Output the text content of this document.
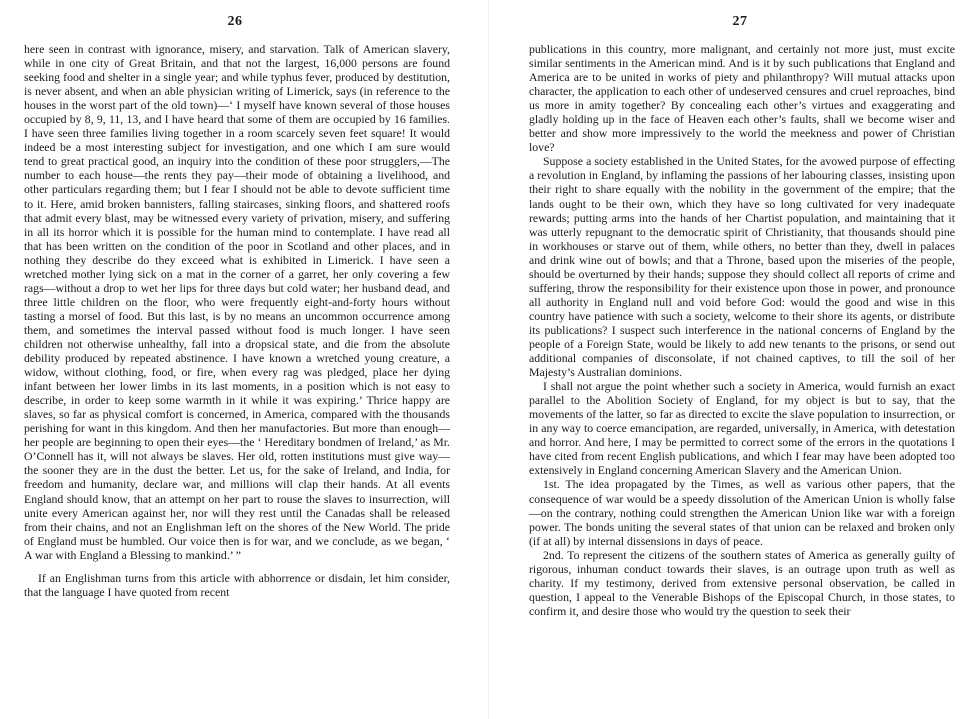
26

here seen in contrast with ignorance, misery, and starvation. Talk of American slavery, while in one city of Great Britain, and that not the largest, 16,000 persons are found seeking food and shelter in a single year; and while typhus fever, produced by destitution, is never absent, and when an able physician writing of Limerick, says (in reference to the houses in the worst part of the old town)—‘ I myself have known several of those houses occupied by 8, 9, 11, 13, and I have heard that some of them are occupied by 16 families. I have seen three families living together in a room scarcely seven feet square! It would indeed be a most interesting subject for investigation, and one which I am sure would tend to great practical good, an inquiry into the condition of these poor strugglers,—The number to each house—the rents they pay—their mode of obtaining a livelihood, and other particulars regarding them; but I fear I should not be able to devote sufficient time to it. Here, amid broken bannisters, falling staircases, sinking floors, and shattered roofs that admit every blast, may be witnessed every variety of privation, misery, and suffering in all its horror which it is possible for the human mind to contemplate. I have read all that has been written on the condition of the poor in Scotland and other places, and in nothing they describe do they exceed what is exhibited in Limerick. I have seen a wretched mother lying sick on a mat in the corner of a garret, her only covering a few rags—without a drop to wet her lips for three days but cold water; her husband dead, and three little children on the floor, who were frequently eight-and-forty hours without tasting a morsel of food. But this last, is by no means an uncommon occurrence among them, and sometimes the interval passed without food is much longer. I have seen children not otherwise unhealthy, fall into a dropsical state, and die from the absolute debility produced by repeated abstinence. I have known a wretched young creature, a widow, without clothing, food, or fire, when every rag was pledged, place her dying infant between her lower limbs in its last moments, in a position which is not easy to describe, in order to keep some warmth in it while it was expiring.’ Thrice happy are slaves, so far as physical comfort is concerned, in America, compared with the thousands perishing for want in this kingdom. And then her manufactories. But more than enough—her people are beginning to open their eyes—the ‘ Hereditary bondmen of Ireland,’ as Mr. O’Connell has it, will not always be slaves. Her old, rotten institutions must give way—the sooner they are in the dust the better. Let us, for the sake of Ireland, and India, for freedom and humanity, declare war, and millions will clap their hands. At all events England should know, that an attempt on her part to rouse the slaves to insurrection, will unite every American against her, nor will they rest until the Canadas shall be released from their chains, and not an Englishman left on the shores of the New World. The pride of England must be humbled. Our voice then is for war, and we conclude, as we began, ‘ A war with England a Blessing to mankind.’ ”

If an Englishman turns from this article with abhorrence or disdain, let him consider, that the language I have quoted from recent

27

publications in this country, more malignant, and certainly not more just, must excite similar sentiments in the American mind. And is it by such publications that England and America are to be united in works of piety and philanthropy? Will mutual attacks upon character, the application to each other of undeserved censures and cruel reproaches, bind us more in amity together? By concealing each other’s virtues and exaggerating and gladly holding up in the face of Heaven each other’s faults, shall we become wiser and better and show more impressively to the world the meekness and power of Christian love?

Suppose a society established in the United States, for the avowed purpose of effecting a revolution in England, by inflaming the passions of her labouring classes, insisting upon their right to share equally with the nobility in the government of the empire; that the lands ought to be their own, which they have so long cultivated for very inadequate rewards; putting arms into the hands of her Chartist population, and maintaining that it was utterly repugnant to the democratic spirit of Christianity, that thousands should pine in workhouses or starve out of them, while others, no better than they, dwell in palaces and drink wine out of bowls; and that a Throne, based upon the miseries of the people, should be overturned by their hands; suppose they should collect all reports of crime and suffering, throw the responsibility for their existence upon those in power, and pronounce all authority in England null and void before God: would the good and wise in this country have patience with such a society, welcome to their shore its agents, or distribute its publications? I suspect such interference in the national concerns of England by the people of a Foreign State, would be likely to add new tenants to the prisons, or send out additional companies of disconsolate, if not chained captives, to till the soil of her Majesty’s Australian dominions.

I shall not argue the point whether such a society in America, would furnish an exact parallel to the Abolition Society of England, for my object is but to say, that the movements of the latter, so far as directed to excite the slave population to insurrection, or in any way to coerce emancipation, are regarded, universally, in America, with detestation and horror. And here, I may be permitted to correct some of the errors in the quotations I have cited from recent English publications, and which I fear may have been adopted too extensively in England concerning American Slavery and the American Union.

1st. The idea propagated by the Times, as well as various other papers, that the consequence of war would be a speedy dissolution of the American Union is wholly false—on the contrary, nothing could strengthen the American Union like war with a foreign power. The bonds uniting the several states of that union can be relaxed and broken only (if at all) by internal dissensions in days of peace.

2nd. To represent the citizens of the southern states of America as generally guilty of rigorous, inhuman conduct towards their slaves, is an outrage upon truth as well as charity. If my testimony, derived from extensive personal observation, be called in question, I appeal to the Venerable Bishops of the Episcopal Church, in those states, to confirm it, and desire those who would try the question to seek their
